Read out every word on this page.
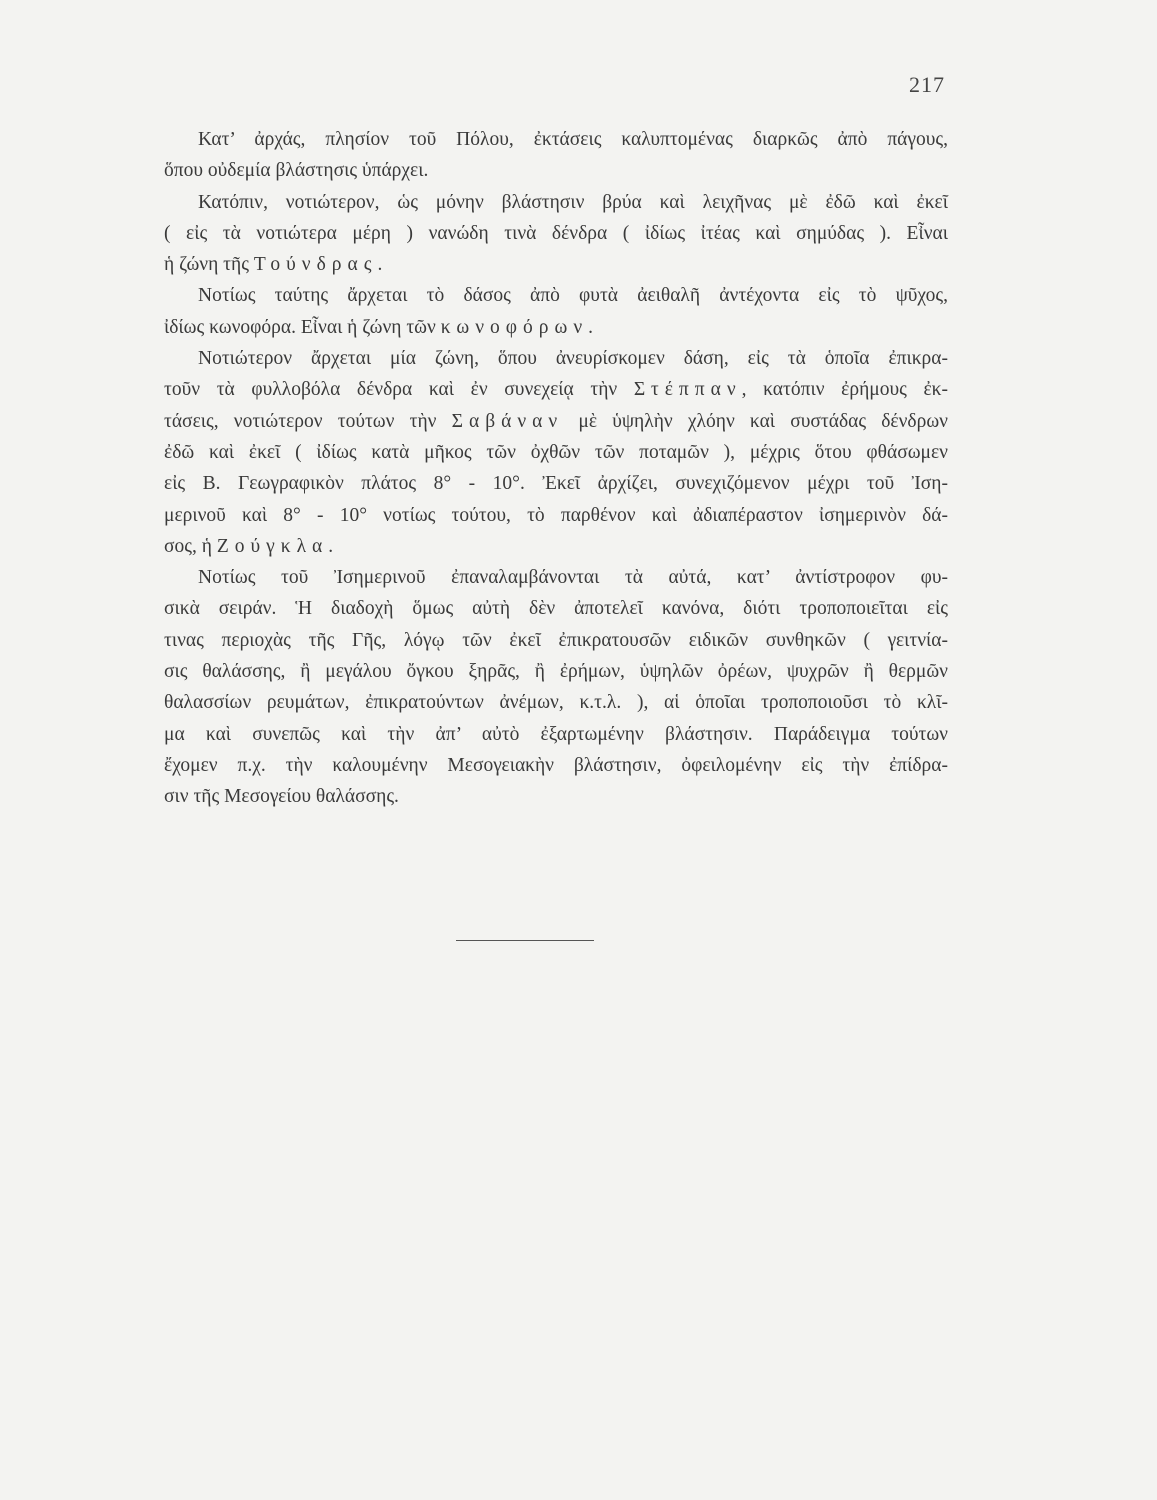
217
Κατ’ ἀρχάς, πλησίον τοῦ Πόλου, ἐκτάσεις καλυπτομένας διαρκῶς ἀπὸ πάγους,
ὅπου οὐδεμία βλάστησις ὑπάρχει.
Κατόπιν, νοτιώτερον, ὡς μόνην βλάστησιν βρύα καὶ λειχῆνας μὲ ἐδῶ καὶ ἐκεῖ
( εἰς τὰ νοτιώτερα μέρη ) νανώδη τινὰ δένδρα ( ἰδίως ἰτέας καὶ σημύδας ). Εἶναι
ἡ ζώνη τῆς Τούνδρας.
Νοτίως ταύτης ἄρχεται τὸ δάσος ἀπὸ φυτὰ ἀειθαλῆ ἀντέχοντα εἰς τὸ ψῦχος,
ἰδίως κωνοφόρα. Εἶναι ἡ ζώνη τῶν κωνοφόρων.
Νοτιώτερον ἄρχεται μία ζώνη, ὅπου ἀνευρίσκομεν δάση, εἰς τὰ ὁποῖα ἐπικρα-
τοῦν τὰ φυλλοβόλα δένδρα καὶ ἐν συνεχείᾳ τὴν Στέππαν, κατόπιν ἐρήμους ἐκ-
τάσεις, νοτιώτερον τούτων τὴν Σαβάναν μὲ ὑψηλὴν χλόην καὶ συστάδας δένδρων
ἐδῶ καὶ ἐκεῖ ( ἰδίως κατὰ μῆκος τῶν ὀχθῶν τῶν ποταμῶν ), μέχρις ὅτου φθάσωμεν
εἰς Β. Γεωγραφικὸν πλάτος 8° - 10°. Ἐκεῖ ἀρχίζει, συνεχιζόμενον μέχρι τοῦ Ἰση-
μερινοῦ καὶ 8° - 10° νοτίως τούτου, τὸ παρθένον καὶ ἀδιαπέραστον ἰσημερινὸν δά-
σος, ἡ Ζούγκλα.
Νοτίως τοῦ Ἰσημερινοῦ ἐπαναλαμβάνονται τὰ αὐτά, κατ’ ἀντίστροφον φυ-
σικὰ σειράν. Ἡ διαδοχὴ ὅμως αὐτὴ δὲν ἀποτελεῖ κανόνα, διότι τροποποιεῖται εἰς
τινας περιοχὰς τῆς Γῆς, λόγῳ τῶν ἐκεῖ ἐπικρατουσῶν ειδικῶν συνθηκῶν ( γειτνία-
σις θαλάσσης, ἢ μεγάλου ὄγκου ξηρᾶς, ἢ ἐρήμων, ὑψηλῶν ὀρέων, ψυχρῶν ἢ θερμῶν
θαλασσίων ρευμάτων, ἐπικρατούντων ἀνέμων, κ.τ.λ. ), αἱ ὁποῖαι τροποποιοῦσι τὸ κλῖ-
μα καὶ συνεπῶς καὶ τὴν ἀπ’ αὐτὸ ἐξαρτωμένην βλάστησιν. Παράδειγμα τούτων
ἔχομεν π.χ. τὴν καλουμένην Μεσογειακὴν βλάστησιν, ὀφειλομένην εἰς τὴν ἐπίδρα-
σιν τῆς Μεσογείου θαλάσσης.
